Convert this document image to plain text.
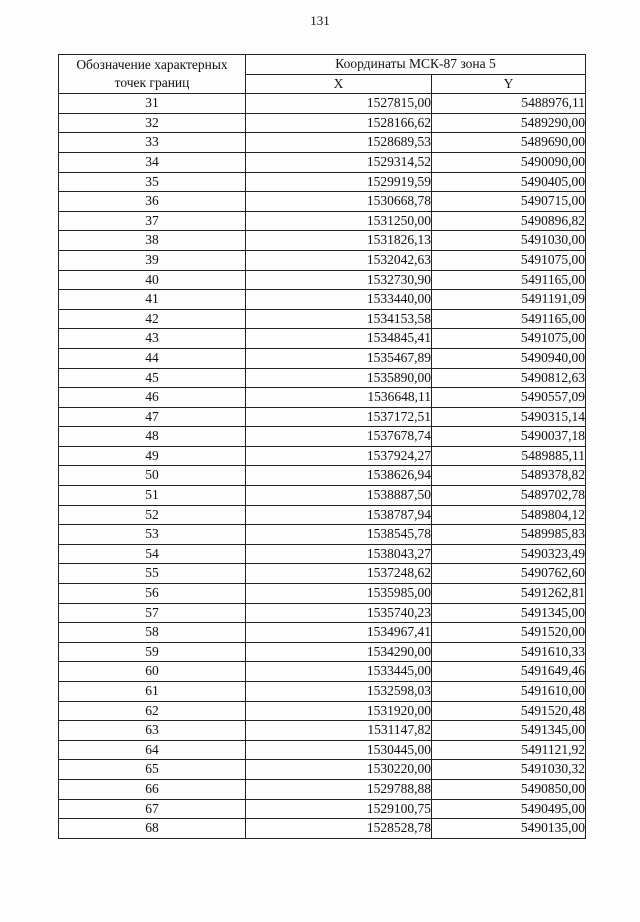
131
Обозначение характерных точек границ	Координаты МСК-87 зона 5	
	X	Y
31	1527815,00	5488976,11
32	1528166,62	5489290,00
33	1528689,53	5489690,00
34	1529314,52	5490090,00
35	1529919,59	5490405,00
36	1530668,78	5490715,00
37	1531250,00	5490896,82
38	1531826,13	5491030,00
39	1532042,63	5491075,00
40	1532730,90	5491165,00
41	1533440,00	5491191,09
42	1534153,58	5491165,00
43	1534845,41	5491075,00
44	1535467,89	5490940,00
45	1535890,00	5490812,63
46	1536648,11	5490557,09
47	1537172,51	5490315,14
48	1537678,74	5490037,18
49	1537924,27	5489885,11
50	1538626,94	5489378,82
51	1538887,50	5489702,78
52	1538787,94	5489804,12
53	1538545,78	5489985,83
54	1538043,27	5490323,49
55	1537248,62	5490762,60
56	1535985,00	5491262,81
57	1535740,23	5491345,00
58	1534967,41	5491520,00
59	1534290,00	5491610,33
60	1533445,00	5491649,46
61	1532598,03	5491610,00
62	1531920,00	5491520,48
63	1531147,82	5491345,00
64	1530445,00	5491121,92
65	1530220,00	5491030,32
66	1529788,88	5490850,00
67	1529100,75	5490495,00
68	1528528,78	5490135,00
